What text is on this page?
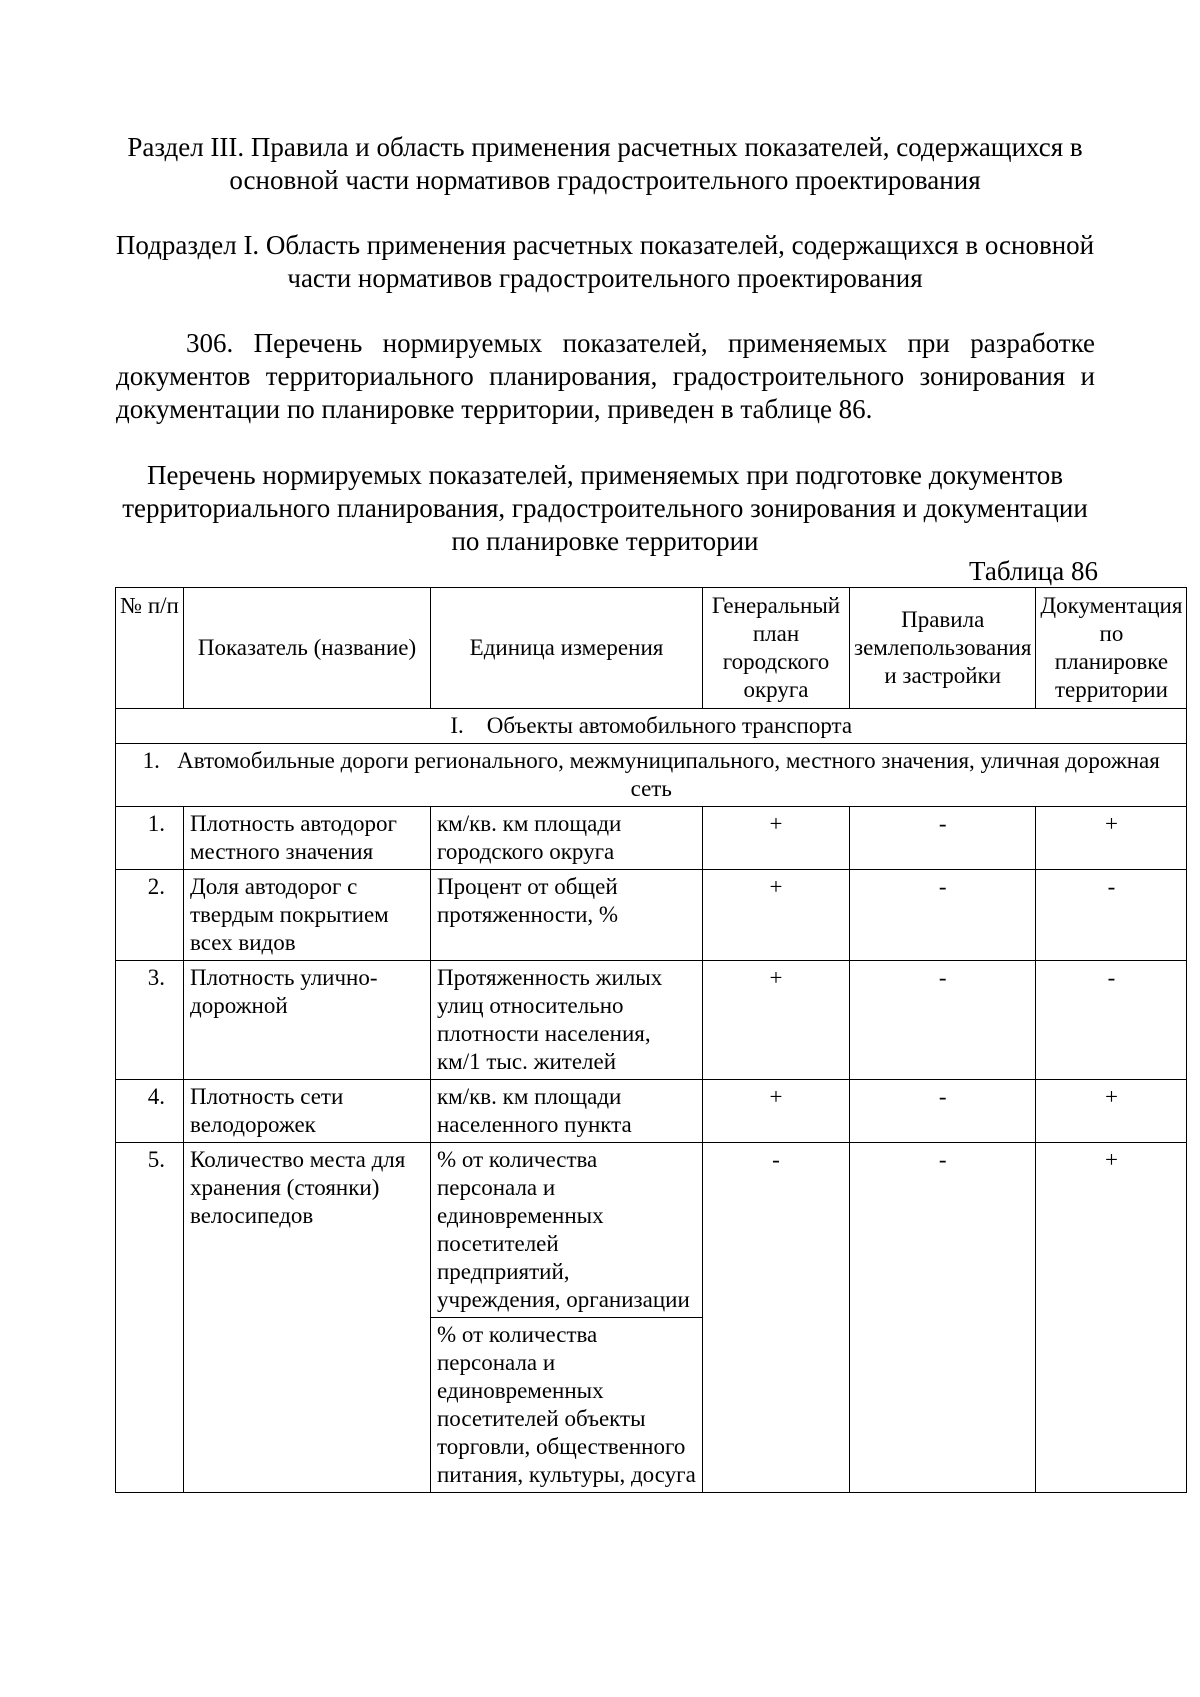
Раздел III. Правила и область применения расчетных показателей, содержащихся в основной части нормативов градостроительного проектирования
Подраздел I. Область применения расчетных показателей, содержащихся в основной части нормативов градостроительного проектирования

306. Перечень нормируемых показателей, применяемых при разработке документов территориального планирования, градостроительного зонирования и документации по планировке территории, приведен в таблице 86.

Перечень нормируемых показателей, применяемых при подготовке документов территориального планирования, градостроительного зонирования и документации по планировке территории

Таблица 86
№ п/п	Показатель (название)	Единица измерения	Генеральный план городского округа	Правила землепользования и застройки	Документация по планировке территории
I.    Объекты автомобильного транспорта					
1.   Автомобильные дороги регионального, межмуниципального, местного значения, уличная дорожная сеть					
1.	Плотность автодорог местного значения	км/кв. км площади городского округа	+	-	+
2.	Доля автодорог с твердым покрытием всех видов	Процент от общей протяженности, %	+	-	-
3.	Плотность улично-дорожной	Протяженность жилых улиц относительно плотности населения, км/1 тыс. жителей	+	-	-
4.	Плотность сети велодорожек	км/кв. км площади населенного пункта	+	-	+
5.	Количество места для хранения (стоянки) велосипедов	% от количества персонала и единовременных посетителей предприятий, учреждения, организации	-	-	+
		% от количества персонала и единовременных посетителей объекты торговли, общественного питания, культуры, досуга			
